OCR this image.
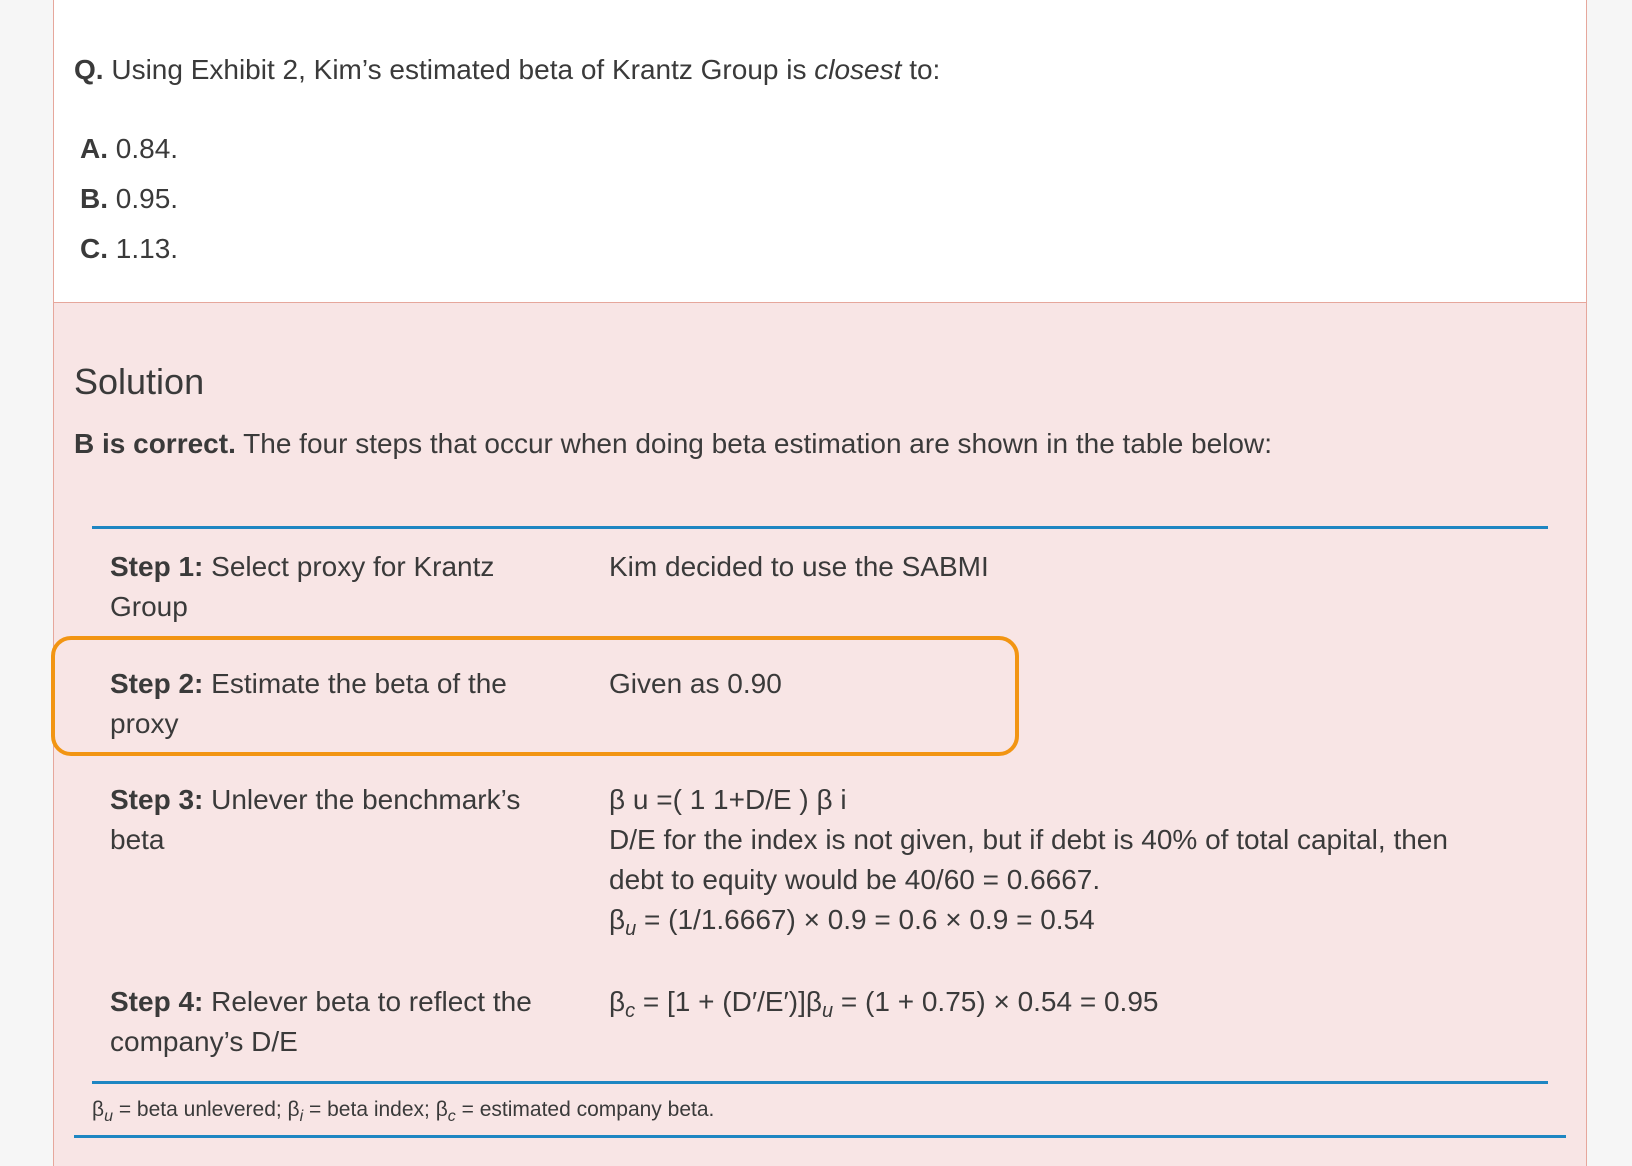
Q. Using Exhibit 2, Kim’s estimated beta of Krantz Group is closest to:
A. 0.84.
B. 0.95.
C. 1.13.
Solution
B is correct. The four steps that occur when doing beta estimation are shown in the table below:
Step 1: Select proxy for Krantz Group
Kim decided to use the SABMI
Step 2: Estimate the beta of the proxy
Given as 0.90
Step 3: Unlever the benchmark’s beta
β u =( 1 1+D/E ) β i
D/E for the index is not given, but if debt is 40% of total capital, then
debt to equity would be 40/60 = 0.6667.
$\beta_u = (1/1.6667) \times 0.9 = 0.6 \times 0.9 = 0.54$
Step 4: Relever beta to reflect the company’s D/E
$\beta_c = [1 + (D'/E')]\beta_u = (1 + 0.75) \times 0.54 = 0.95$
$\beta_u$ = beta unlevered; $\beta_i$ = beta index; $\beta_c$ = estimated company beta.
